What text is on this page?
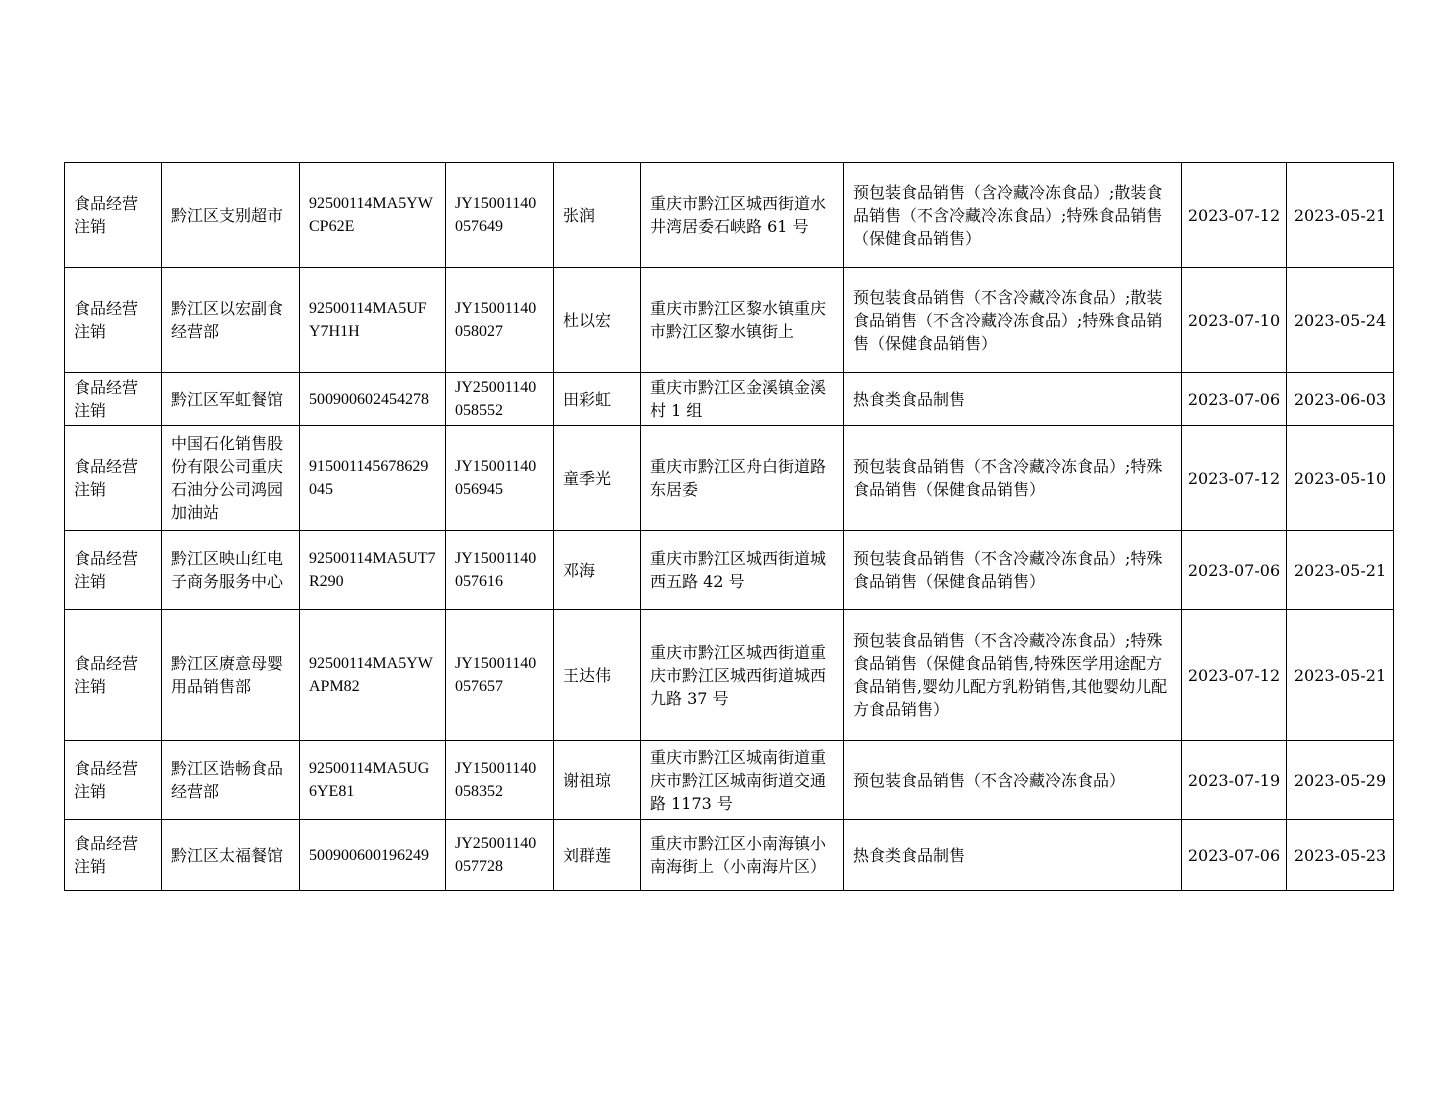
食品经营注销	黔江区支别超市	92500114MA5YWCP62E	JY15001140057649	张润	重庆市黔江区城西街道水井湾居委石峡路 61 号	预包装食品销售（含冷藏冷冻食品）;散装食品销售（不含冷藏冷冻食品）;特殊食品销售（保健食品销售）	2023-07-12	2023-05-21
食品经营注销	黔江区以宏副食经营部	92500114MA5UFY7H1H	JY15001140058027	杜以宏	重庆市黔江区黎水镇重庆市黔江区黎水镇街上	预包装食品销售（不含冷藏冷冻食品）;散装食品销售（不含冷藏冷冻食品）;特殊食品销售（保健食品销售）	2023-07-10	2023-05-24
食品经营注销	黔江区军虹餐馆	500900602454278	JY25001140058552	田彩虹	重庆市黔江区金溪镇金溪村 1 组	热食类食品制售	2023-07-06	2023-06-03
食品经营注销	中国石化销售股份有限公司重庆石油分公司鸿园加油站	915001145678629045	JY15001140056945	童季光	重庆市黔江区舟白街道路东居委	预包装食品销售（不含冷藏冷冻食品）;特殊食品销售（保健食品销售）	2023-07-12	2023-05-10
食品经营注销	黔江区映山红电子商务服务中心	92500114MA5UT7R290	JY15001140057616	邓海	重庆市黔江区城西街道城西五路 42 号	预包装食品销售（不含冷藏冷冻食品）;特殊食品销售（保健食品销售）	2023-07-06	2023-05-21
食品经营注销	黔江区赓意母婴用品销售部	92500114MA5YWAPM82	JY15001140057657	王达伟	重庆市黔江区城西街道重庆市黔江区城西街道城西九路 37 号	预包装食品销售（不含冷藏冷冻食品）;特殊食品销售（保健食品销售,特殊医学用途配方食品销售,婴幼儿配方乳粉销售,其他婴幼儿配方食品销售）	2023-07-12	2023-05-21
食品经营注销	黔江区诰畅食品经营部	92500114MA5UG6YE81	JY15001140058352	谢祖琼	重庆市黔江区城南街道重庆市黔江区城南街道交通路 1173 号	预包装食品销售（不含冷藏冷冻食品）	2023-07-19	2023-05-29
食品经营注销	黔江区太福餐馆	500900600196249	JY25001140057728	刘群莲	重庆市黔江区小南海镇小南海街上（小南海片区）	热食类食品制售	2023-07-06	2023-05-23
